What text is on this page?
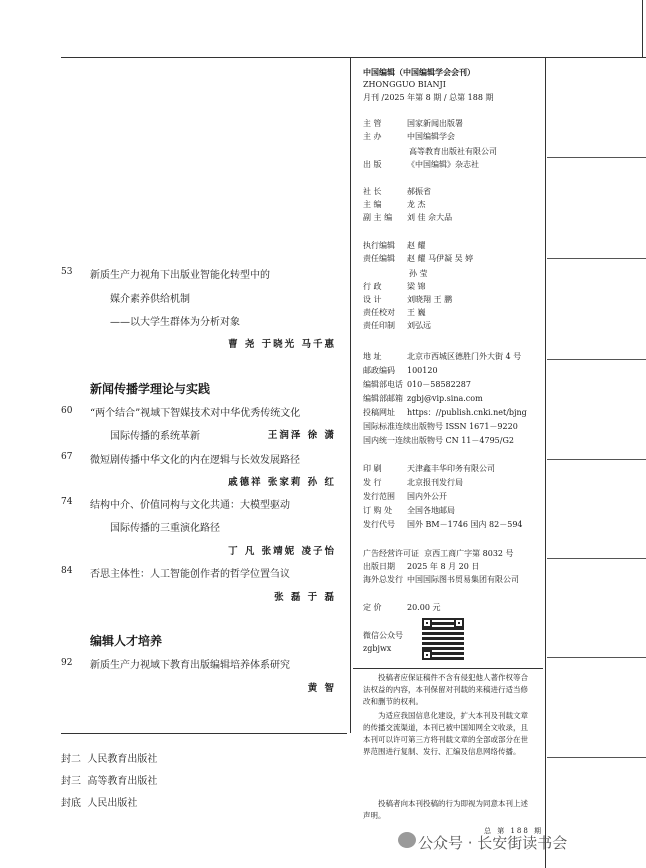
53 新质生产力视角下出版业智能化转型中的
媒介素养供给机制
——以大学生群体为分析对象
曹 尧 于晓光 马千惠
新闻传播学理论与实践
60 “两个结合”视域下智媒技术对中华优秀传统文化
国际传播的系统革新	王润泽 徐 潇
67 微短剧传播中华文化的内在逻辑与长效发展路径
戚德祥 张家莉 孙 红
74 结构中介、价值同构与文化共通：大模型驱动
国际传播的三重演化路径
丁 凡 张靖妮 凌子怡
84 否思主体性：人工智能创作者的哲学位置刍议
张 磊 于 磊
编辑人才培养
92 新质生产力视域下教育出版编辑培养体系研究
黄 智
封二 人民教育出版社
封三 高等教育出版社
封底 人民出版社
中国编辑（中国编辑学会会刊）
ZHONGGUO BIANJI
月刊 /2025 年第 8 期 / 总第 188 期
主 管	国家新闻出版署
主 办	中国编辑学会
高等教育出版社有限公司
出 版	《中国编辑》杂志社
社 长	郝振省
主 编	龙 杰
副 主 编 刘 佳 佘大品
执行编辑 赵 耀
责任编辑 赵 耀 马伊凝 吴 婷
孙 莹
行 政	梁 锦
设 计	刘晓翔 王 鹏
责任校对 王 巍
责任印制 刘弘远
地 址	北京市西城区德胜门外大街 4 号
邮政编码 100120
编辑部电话 010－58582287
编辑部邮箱 zgbj@vip.sina.com
投稿网址 https：//publish.cnki.net/bjng
国际标准连续出版物号 ISSN 1671－9220
国内统一连续出版物号 CN 11－4795/G2
印 刷	天津鑫丰华印务有限公司
发 行	北京报刊发行局
发行范围 国内外公开
订 购 处 全国各地邮局
发行代号 国外 BM－1746 国内 82－594
广告经营许可证 京西工商广字第 8032 号
出版日期 2025 年 8 月 20 日
海外总发行 中国国际图书贸易集团有限公司
定 价	20.00 元
微信公众号
zgbjwx
投稿者应保证稿件不含有侵犯他人著作权等合法权益的内容，本刊保留对刊载的来稿进行适当修改和删节的权利。
为适应我国信息化建设，扩大本刊及刊载文章的传播交流渠道，本刊已被中国知网全文收录，且本刊可以许可第三方将刊载文章的全部或部分在世界范围进行复制、发行、汇编及信息网络传播。
投稿者向本刊投稿的行为即视为同意本刊上述声明。
总 第 188 期
公众号 · 长安街读书会
